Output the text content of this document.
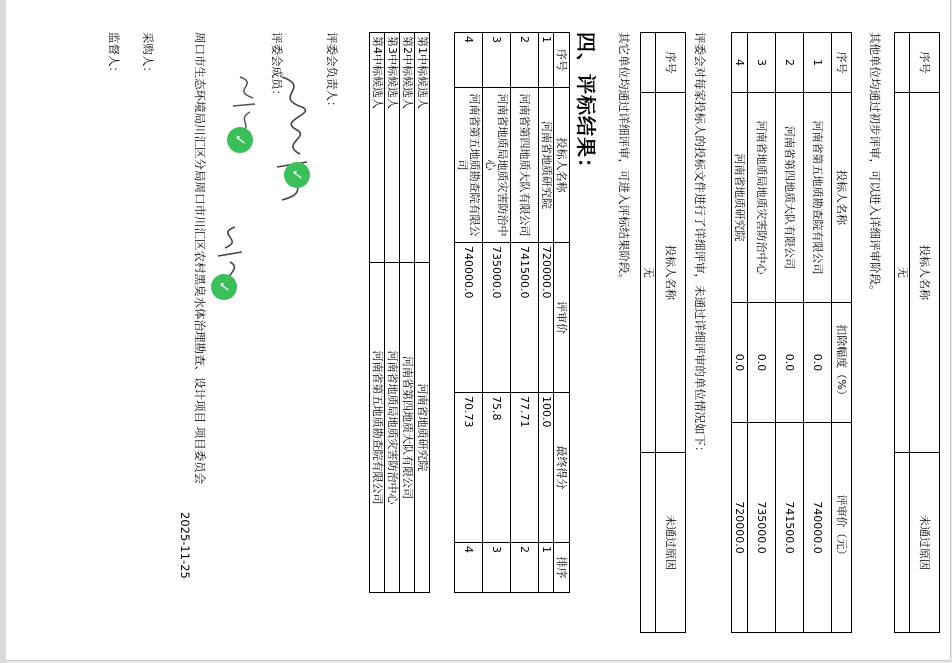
序号	投标人名称	未通过原因
	无	
其他单位均通过初步评审，可以进入详细评审阶段。
序号	投标人名称	扣除幅度（%）	评审价（元）
1	河南省第五地质勘查院有限公司	0.0	740000.0
2	河南省第四地质大队有限公司	0.0	741500.0
3	河南省地质局地质灾害防治中心	0.0	735000.0
4	河南省地质研究院	0.0	720000.0
评委会对每家投标人的投标文件进行了详细评审，未通过详细评审的单位情况如下：
序号	投标人名称	未通过原因
	无	
其它单位均通过详细评审，可进入评标结果阶段。
四、评标结果：
序号	投标人名称	评审价	最终得分	排序
1	河南省地质研究院	720000.0	100.0	1
2	河南省第四地质大队有限公司	741500.0	77.71	2
3	河南省地质局地质灾害防治中心	735000.0	75.8	3
4	河南省第五地质勘查院有限公司	740000.0	70.73	4
第1中标候选人	河南省地质研究院
第2中标候选人	河南省第四地质大队有限公司
第3中标候选人	河南省地质局地质灾害防治中心
第4中标候选人	河南省第五地质勘查院有限公司
评委会负责人：
评委会成员：
✓
✓
✓
周口市生态环境局川汇区分局周口市川汇区农村黑臭水体治理勘查、设计项目 项目委员会
2025-11-25
采购人：
监督人：
